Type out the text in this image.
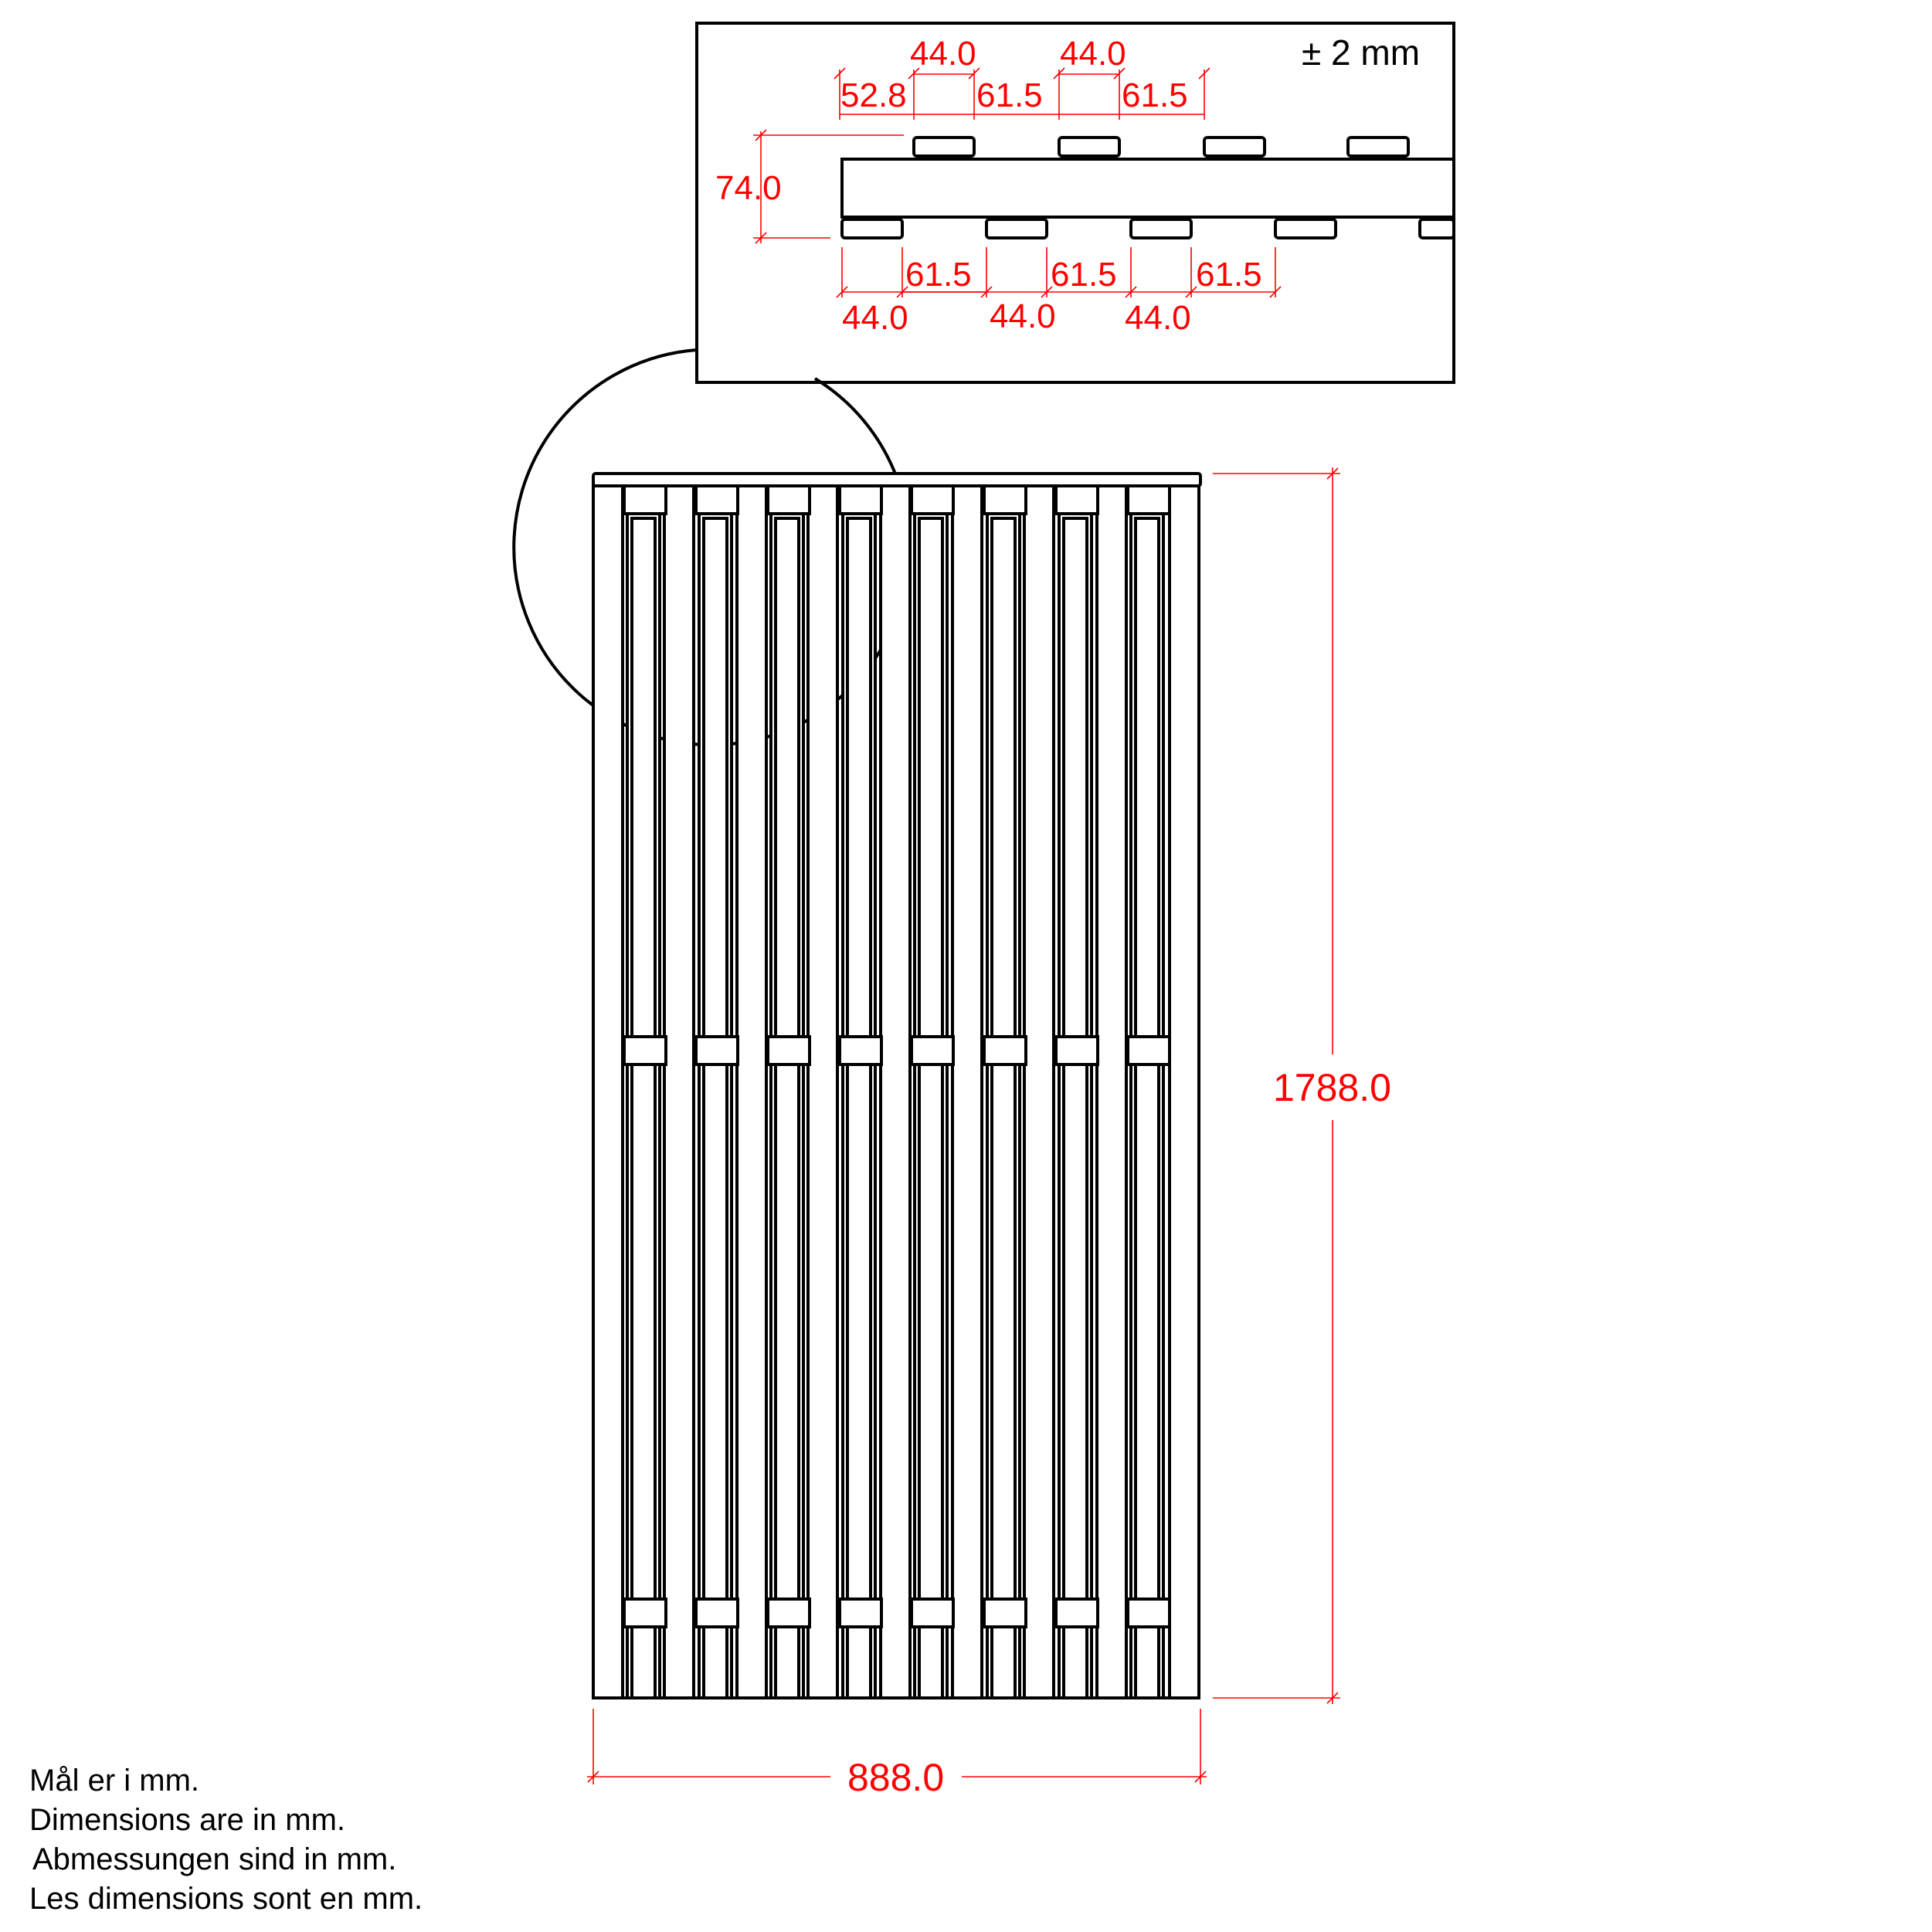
± 2 mm
44.0 44.0
52.8 61.5 61.5
74.0
61.5 61.5 61.5
44.0 44.0 44.0
1788.0
888.0
Mål er i mm.
Dimensions are in mm.
Abmessungen sind in mm.
Les dimensions sont en mm.
